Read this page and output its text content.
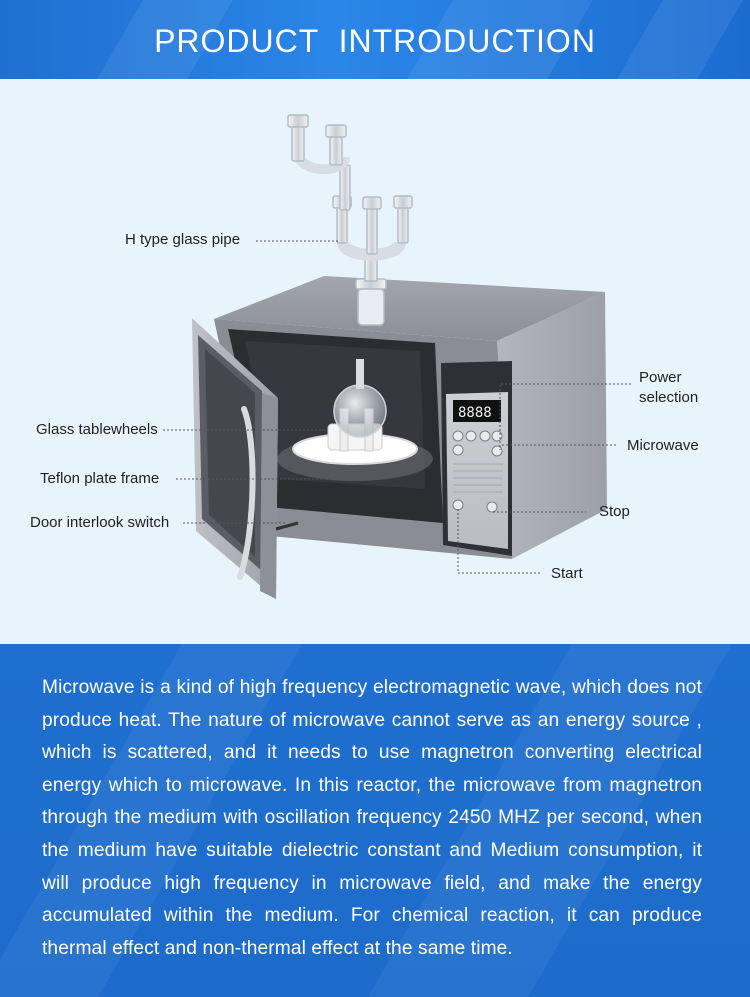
PRODUCT INTRODUCTION
8888
H type glass pipe
Glass tablewheels
Teflon plate frame
Door interlook switch
Power
selection
Microwave
Stop
Start

Microwave is a kind of high frequency electromagnetic wave, which does not produce heat. The nature of microwave cannot serve as an energy source , which is scattered, and it needs to use magnetron converting electrical energy which to microwave. In this reactor, the microwave from magnetron through the medium with oscillation frequency 2450 MHZ per second, when the medium have suitable dielectric constant and Medium consumption, it will produce high frequency in microwave field, and make the energy accumulated within the medium. For chemical reaction, it can produce thermal effect and non-thermal effect at the same time.
